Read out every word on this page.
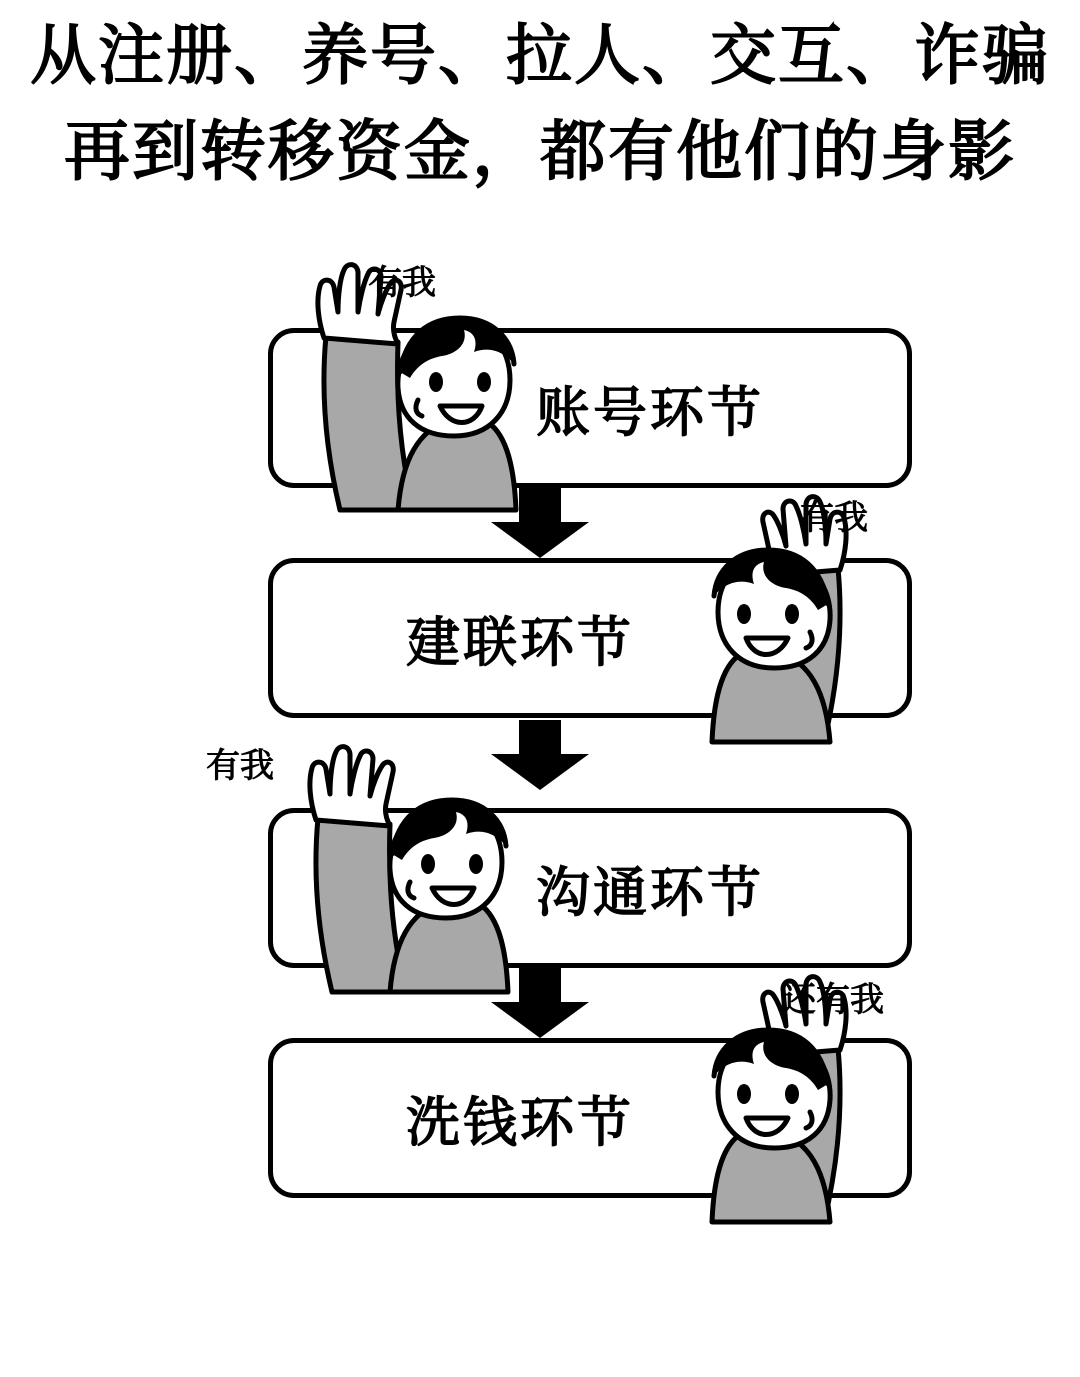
从注册、养号、拉人、交互、诈骗
再到转移资金，都有他们的身影
账号环节
建联环节
沟通环节
洗钱环节
有我
有我
有我
还有我
